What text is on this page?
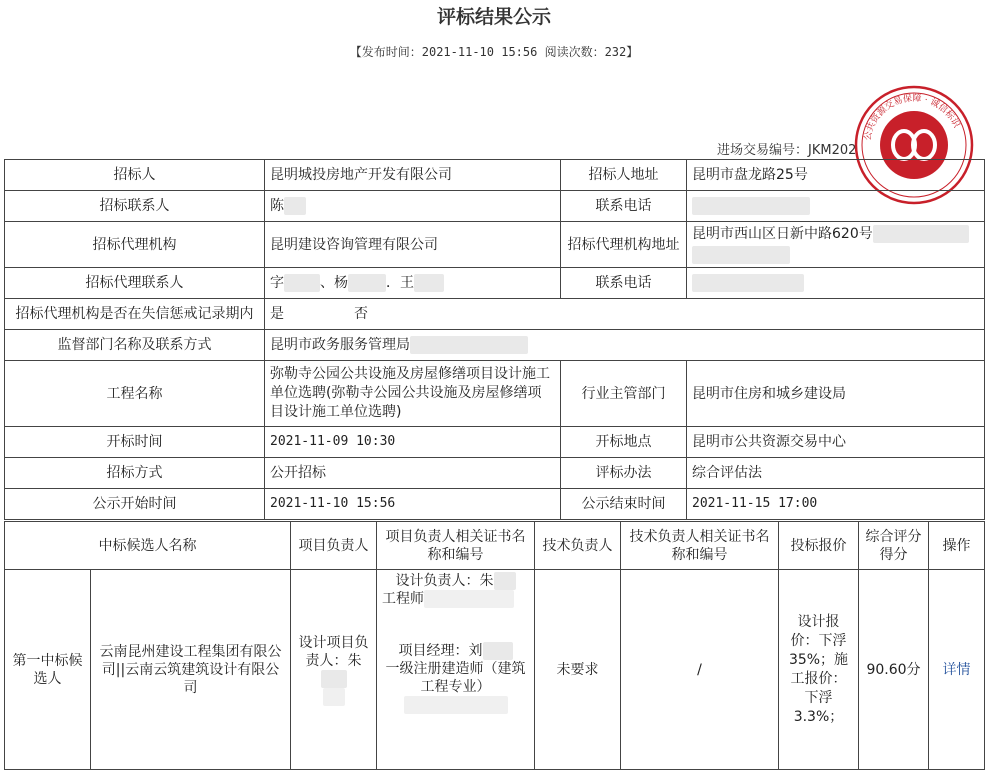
评标结果公示
【发布时间：2021-11-10 15:56 阅读次数：232】
进场交易编号：JKM202
公共资源交易保障 · 诚信标识
招标人	昆明城投房地产开发有限公司	招标人地址	昆明市盘龙路25号
招标联系人	陈	联系电话	
招标代理机构	昆明建设咨询管理有限公司	招标代理机构地址	昆明市西山区日新中路620号

招标代理联系人	字 、杨 ．王	联系电话	
招标代理机构是否在失信惩戒记录期内	是 否		
监督部门名称及联系方式	昆明市政务服务管理局		
工程名称	弥勒寺公园公共设施及房屋修缮项目设计施工单位选聘(弥勒寺公园公共设施及房屋修缮项目设计施工单位选聘)	行业主管部门	昆明市住房和城乡建设局
开标时间	2021-11-09 10:30	开标地点	昆明市公共资源交易中心
招标方式	公开招标	评标办法	综合评估法
公示开始时间	2021-11-10 15:56	公示结束时间	2021-11-15 17:00
中标候选人名称		项目负责人	项目负责人相关证书名称和编号	技术负责人	技术负责人相关证书名称和编号	投标报价	综合评分得分	操作
第一中标候选人	云南昆州建设工程集团有限公司||云南云筑建筑设计有限公司	设计项目负责人：朱	设计负责人：朱
工程师
项目经理：刘
一级注册建造师（建筑工程专业）	未要求	/	设计报价：下浮35%；施工报价：下浮3.3%；	90.60分	详情
